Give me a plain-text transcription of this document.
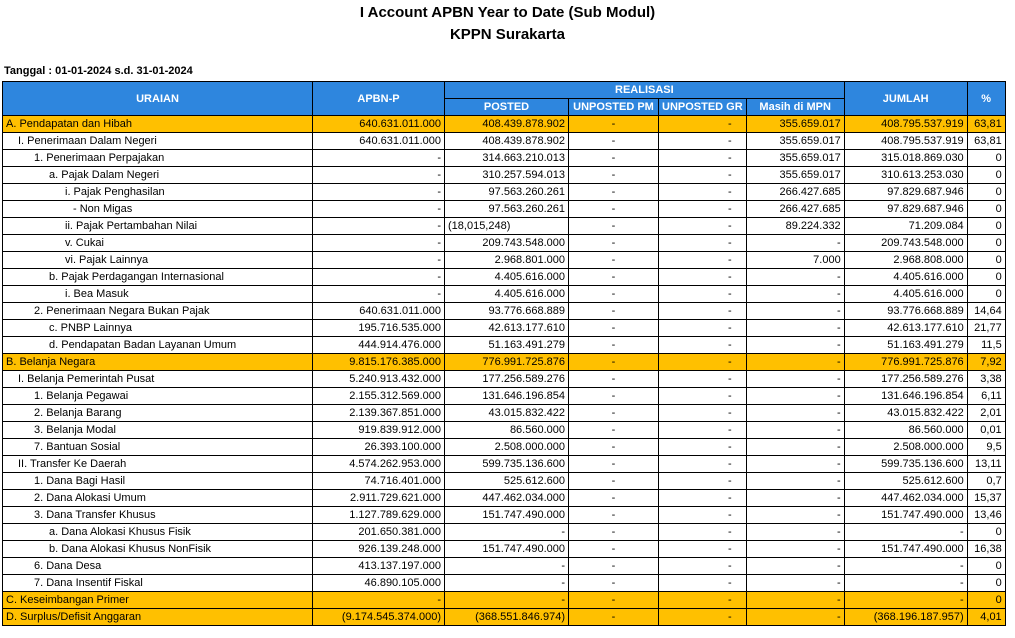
I Account APBN Year to Date (Sub Modul)
KPPN Surakarta
Tanggal : 01-01-2024 s.d. 31-01-2024
URAIAN	APBN-P	REALISASI				JUMLAH	%
		POSTED	UNPOSTED PM	UNPOSTED GR	Masih di MPN		
A. Pendapatan dan Hibah	640.631.011.000	408.439.878.902	-	-	355.659.017	408.795.537.919	63,81
I. Penerimaan Dalam Negeri	640.631.011.000	408.439.878.902	-	-	355.659.017	408.795.537.919	63,81
1. Penerimaan Perpajakan	-	314.663.210.013	-	-	355.659.017	315.018.869.030	0
a. Pajak Dalam Negeri	-	310.257.594.013	-	-	355.659.017	310.613.253.030	0
i. Pajak Penghasilan	-	97.563.260.261	-	-	266.427.685	97.829.687.946	0
- Non Migas	-	97.563.260.261	-	-	266.427.685	97.829.687.946	0
ii. Pajak Pertambahan Nilai	-	(18,015,248)	-	-	89.224.332	71.209.084	0
v. Cukai	-	209.743.548.000	-	-	-	209.743.548.000	0
vi. Pajak Lainnya	-	2.968.801.000	-	-	7.000	2.968.808.000	0
b. Pajak Perdagangan Internasional	-	4.405.616.000	-	-	-	4.405.616.000	0
i. Bea Masuk	-	4.405.616.000	-	-	-	4.405.616.000	0
2. Penerimaan Negara Bukan Pajak	640.631.011.000	93.776.668.889	-	-	-	93.776.668.889	14,64
c. PNBP Lainnya	195.716.535.000	42.613.177.610	-	-	-	42.613.177.610	21,77
d. Pendapatan Badan Layanan Umum	444.914.476.000	51.163.491.279	-	-	-	51.163.491.279	11,5
B. Belanja Negara	9.815.176.385.000	776.991.725.876	-	-	-	776.991.725.876	7,92
I. Belanja Pemerintah Pusat	5.240.913.432.000	177.256.589.276	-	-	-	177.256.589.276	3,38
1. Belanja Pegawai	2.155.312.569.000	131.646.196.854	-	-	-	131.646.196.854	6,11
2. Belanja Barang	2.139.367.851.000	43.015.832.422	-	-	-	43.015.832.422	2,01
3. Belanja Modal	919.839.912.000	86.560.000	-	-	-	86.560.000	0,01
7. Bantuan Sosial	26.393.100.000	2.508.000.000	-	-	-	2.508.000.000	9,5
II. Transfer Ke Daerah	4.574.262.953.000	599.735.136.600	-	-	-	599.735.136.600	13,11
1. Dana Bagi Hasil	74.716.401.000	525.612.600	-	-	-	525.612.600	0,7
2. Dana Alokasi Umum	2.911.729.621.000	447.462.034.000	-	-	-	447.462.034.000	15,37
3. Dana Transfer Khusus	1.127.789.629.000	151.747.490.000	-	-	-	151.747.490.000	13,46
a. Dana Alokasi Khusus Fisik	201.650.381.000	-	-	-	-	-	0
b. Dana Alokasi Khusus NonFisik	926.139.248.000	151.747.490.000	-	-	-	151.747.490.000	16,38
6. Dana Desa	413.137.197.000	-	-	-	-	-	0
7. Dana Insentif Fiskal	46.890.105.000	-	-	-	-	-	0
C. Keseimbangan Primer	-	-	-	-	-	-	0
D. Surplus/Defisit Anggaran	(9.174.545.374.000)	(368.551.846.974)	-	-	-	(368.196.187.957)	4,01
